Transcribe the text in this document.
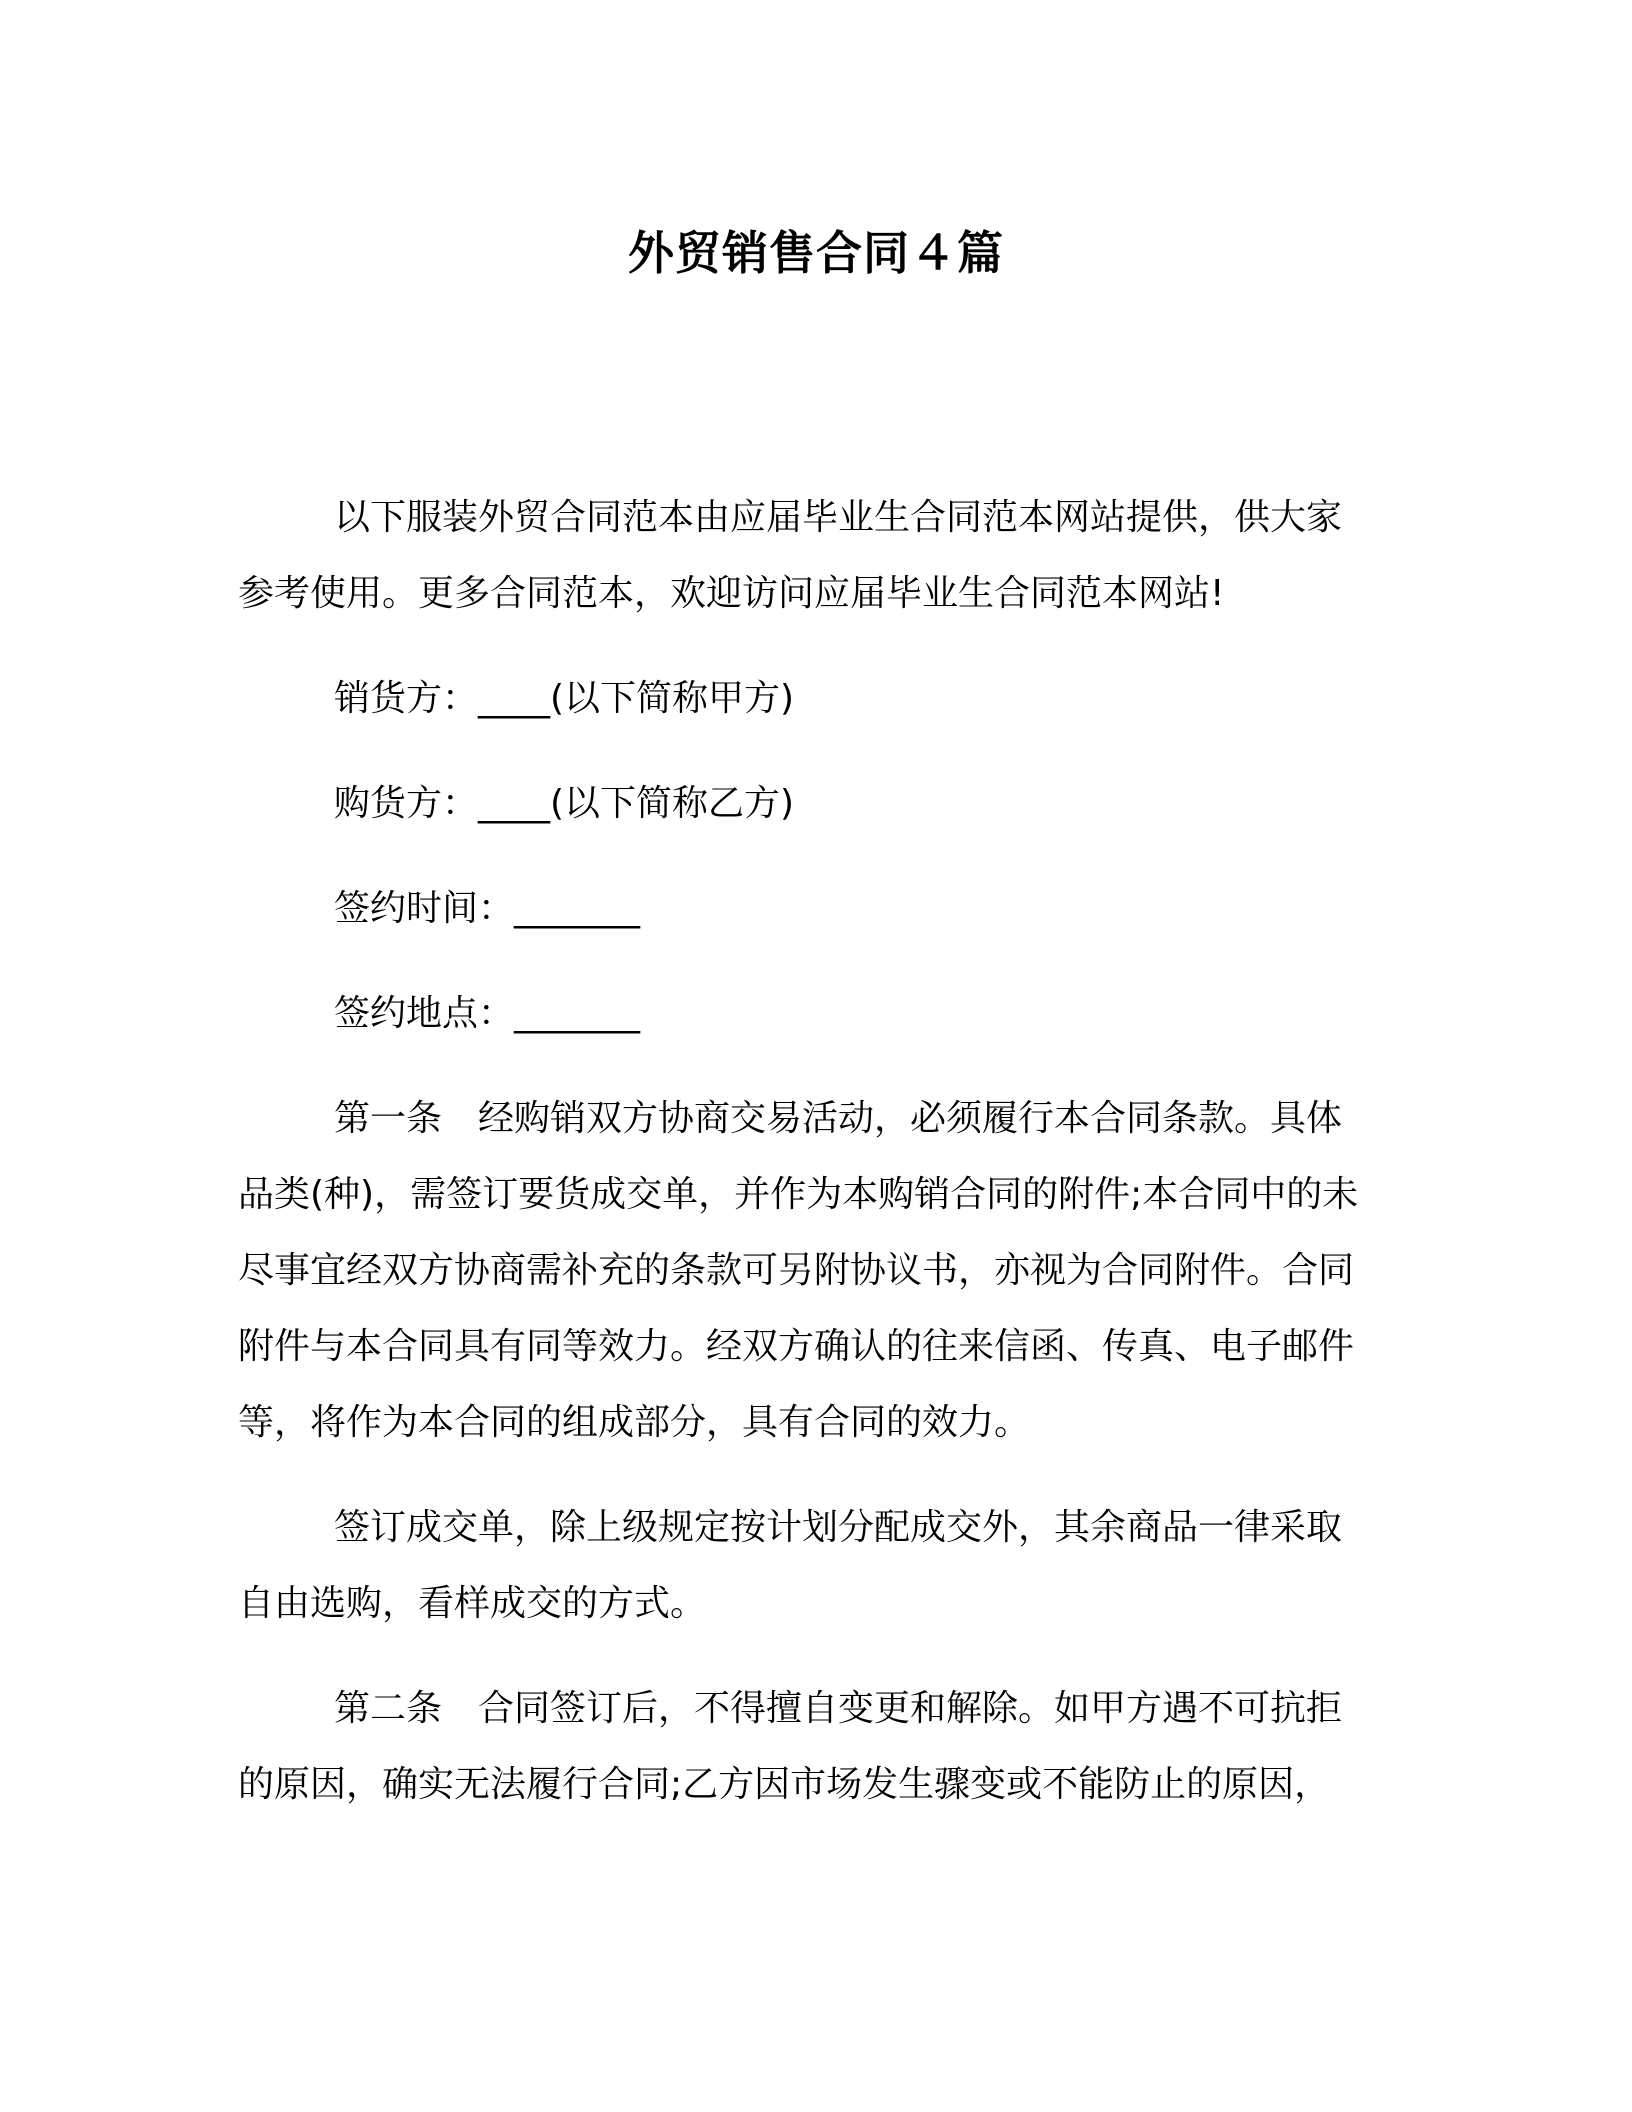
外贸销售合同４篇

以下服装外贸合同范本由应届毕业生合同范本网站提供，供大家参考使用。更多合同范本，欢迎访问应届毕业生合同范本网站!

销货方：____(以下简称甲方)

购货方：____(以下简称乙方)

签约时间：_______

签约地点：_______

第一条　经购销双方协商交易活动，必须履行本合同条款。具体品类(种)，需签订要货成交单，并作为本购销合同的附件;本合同中的未尽事宜经双方协商需补充的条款可另附协议书，亦视为合同附件。合同附件与本合同具有同等效力。经双方确认的往来信函、传真、电子邮件等，将作为本合同的组成部分，具有合同的效力。

签订成交单，除上级规定按计划分配成交外，其余商品一律采取自由选购，看样成交的方式。

第二条　合同签订后，不得擅自变更和解除。如甲方遇不可抗拒的原因，确实无法履行合同;乙方因市场发生骤变或不能防止的原因，
